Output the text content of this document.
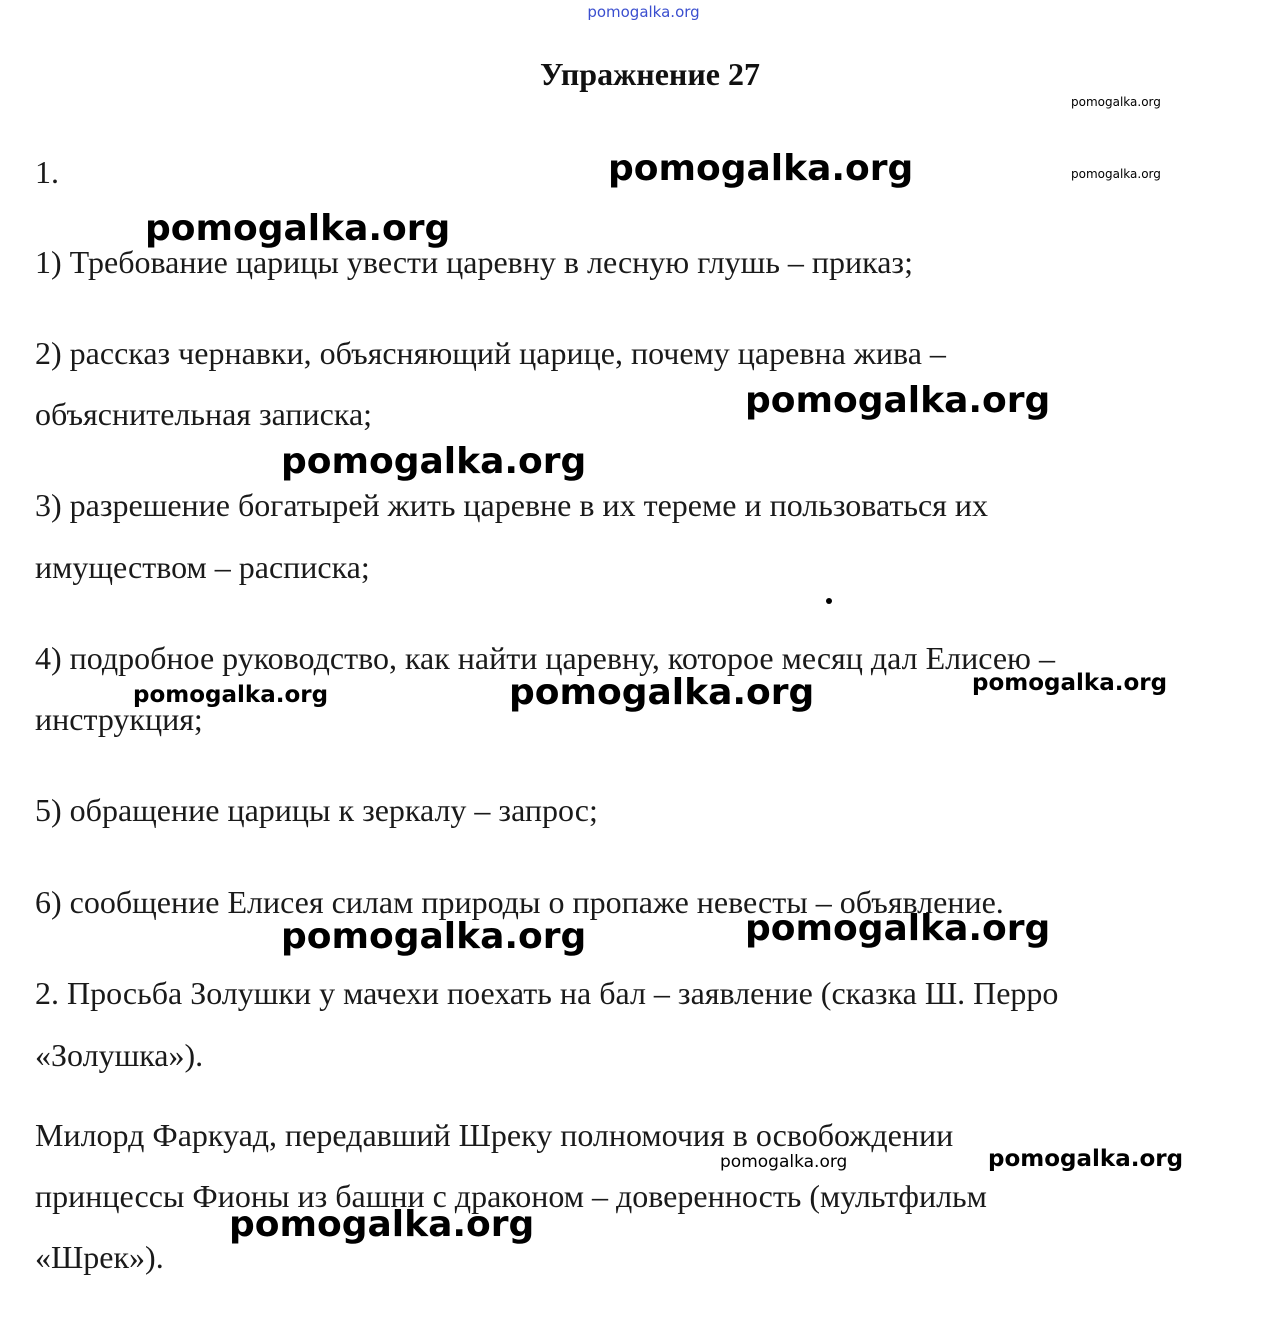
pomogalka.org
Упражнение 27
1.
1) Требование царицы увести царевну в лесную глушь – приказ;
2) рассказ чернавки, объясняющий царице, почему царевна жива –
объяснительная записка;
3) разрешение богатырей жить царевне в их тереме и пользоваться их
имуществом – расписка;
4) подробное руководство, как найти царевну, которое месяц дал Елисею –
инструкция;
5) обращение царицы к зеркалу – запрос;
6) сообщение Елисея силам природы о пропаже невесты – объявление.
2. Просьба Золушки у мачехи поехать на бал – заявление (сказка Ш. Перро
«Золушка»).
Милорд Фаркуад, передавший Шреку полномочия в освобождении
принцессы Фионы из башни с драконом – доверенность (мультфильм
«Шрек»).
pomogalka.org
pomogalka.org
pomogalka.org
pomogalka.org
pomogalka.org
pomogalka.org
pomogalka.org	pomogalka.org	pomogalka.org
pomogalka.org	pomogalka.org
pomogalka.org	pomogalka.org
pomogalka.org
